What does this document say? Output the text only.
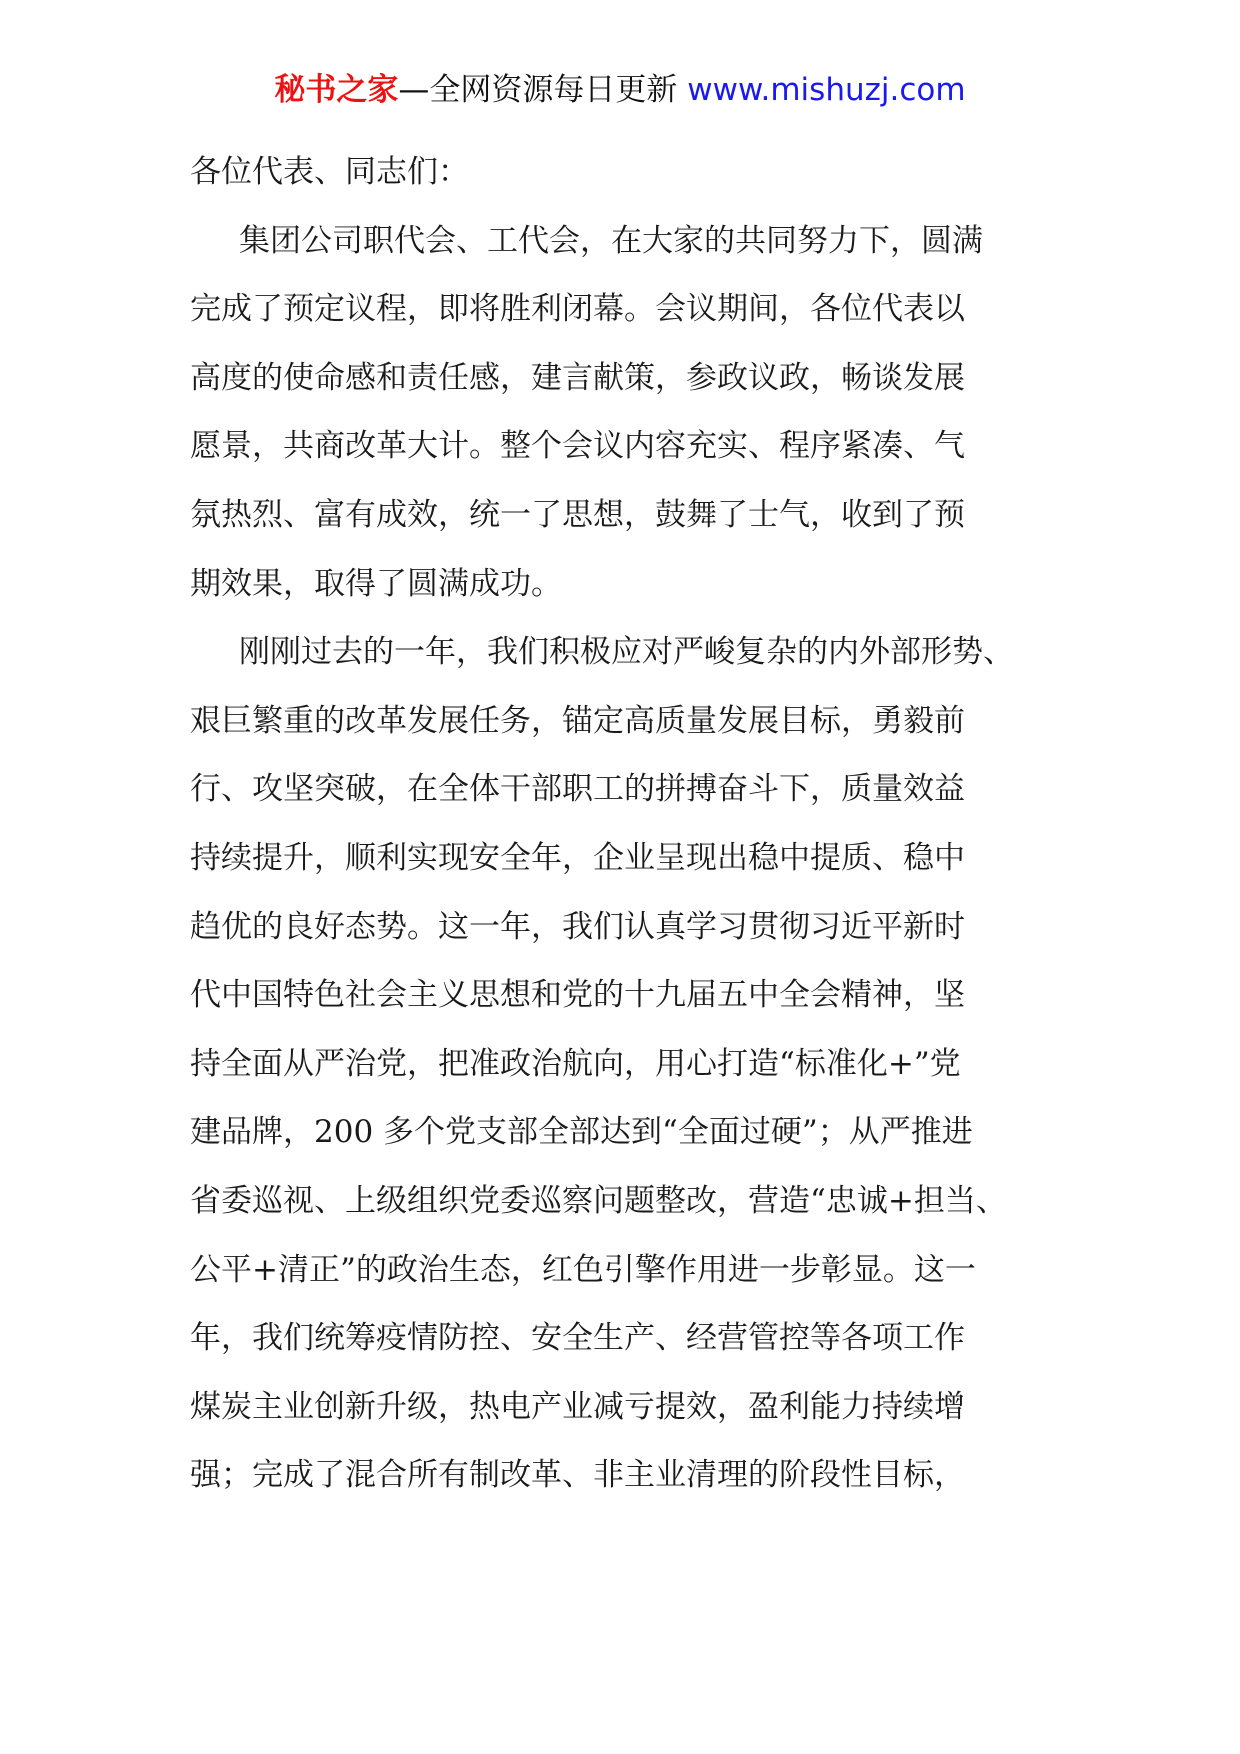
秘书之家—全网资源每日更新 www.mishuzj.com
各位代表、同志们：
集团公司职代会、工代会，在大家的共同努力下，圆满
完成了预定议程，即将胜利闭幕。会议期间，各位代表以
高度的使命感和责任感，建言献策，参政议政，畅谈发展
愿景，共商改革大计。整个会议内容充实、程序紧凑、气
氛热烈、富有成效，统一了思想，鼓舞了士气，收到了预
期效果，取得了圆满成功。
刚刚过去的一年，我们积极应对严峻复杂的内外部形势、
艰巨繁重的改革发展任务，锚定高质量发展目标，勇毅前
行、攻坚突破，在全体干部职工的拼搏奋斗下，质量效益
持续提升，顺利实现安全年，企业呈现出稳中提质、稳中
趋优的良好态势。这一年，我们认真学习贯彻习近平新时
代中国特色社会主义思想和党的十九届五中全会精神，坚
持全面从严治党，把准政治航向，用心打造“标准化+”党
建品牌，200 多个党支部全部达到“全面过硬”；从严推进
省委巡视、上级组织党委巡察问题整改，营造“忠诚+担当、
公平+清正”的政治生态，红色引擎作用进一步彰显。这一
年，我们统筹疫情防控、安全生产、经营管控等各项工作
煤炭主业创新升级，热电产业减亏提效，盈利能力持续增
强；完成了混合所有制改革、非主业清理的阶段性目标，
